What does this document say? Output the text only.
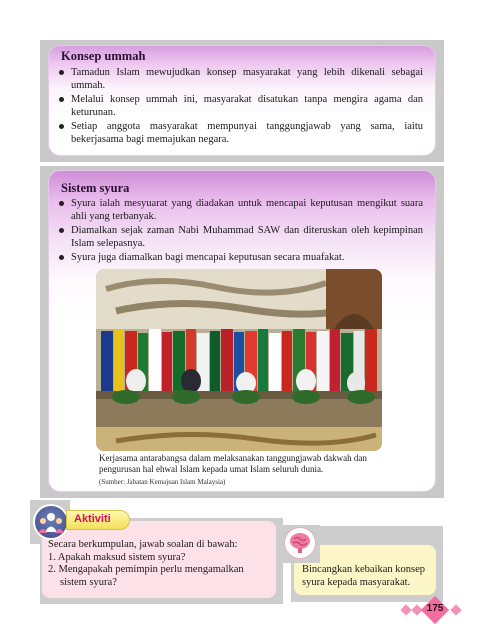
Konsep ummah
Tamadun Islam mewujudkan konsep masyarakat yang lebih dikenali sebagai ummah.
Melalui konsep ummah ini, masyarakat disatukan tanpa mengira agama dan keturunan.
Setiap anggota masyarakat mempunyai tanggungjawab yang sama, iaitu bekerjasama bagi memajukan negara.
Sistem syura
Syura ialah mesyuarat yang diadakan untuk mencapai keputusan mengikut suara ahli yang terbanyak.
Diamalkan sejak zaman Nabi Muhammad SAW dan diteruskan oleh kepimpinan Islam selepasnya.
Syura juga diamalkan bagi mencapai keputusan secara muafakat.
Kerjasama antarabangsa dalam melaksanakan tanggungjawab dakwah dan pengurusan hal ehwal Islam kepada umat Islam seluruh dunia.
(Sumber: Jabatan Kemajuan Islam Malaysia)
Aktiviti
Secara berkumpulan, jawab soalan di bawah:
1. Apakah maksud sistem syura?
2. Mengapakah pemimpin perlu mengamalkan
sistem syura?
Bincangkan kebaikan konsep syura kepada masyarakat.
175
